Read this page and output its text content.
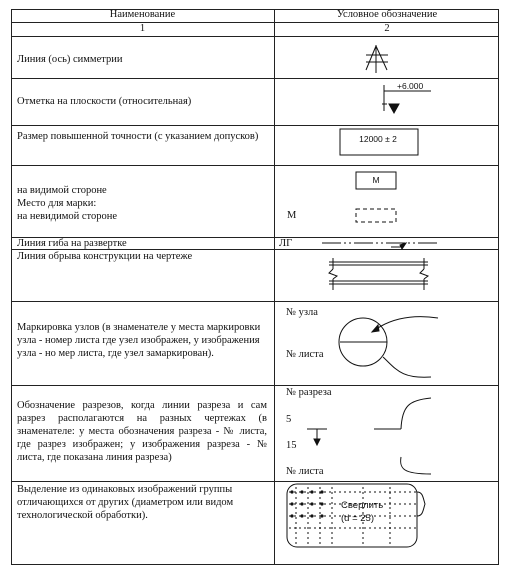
Наименование	Условное обозначение
1	2
Линия (ось) симметрии
Отметка на плоскости (относительная)
Размер повышенной точности (с указанием допусков)
на видимой стороне
Место для марки:
на невидимой стороне
Линия гиба на развертке
Линия обрыва конструкции на чертеже
Маркировка узлов (в знаменателе у места маркировки узла - номер листа где узел изображен, у изображения узла - но мер листа, где узел замаркирован).
Обозначение разрезов, когда линии разреза и сам разрез располагаются на разных чертежах (в знаменателе: у места обозначения разреза - № листа, где разрез изображен; у изображения разреза - № листа, где показана линия разреза)
Выделение из одинаковых изображений группы отличающихся от других (диаметром или видом технологической обработки).
+6.000
12000 ± 2
М
М
ЛГ
№ узла
№ листа
№ разреза
5
15
№ листа
Сверлить
(d = 25)
